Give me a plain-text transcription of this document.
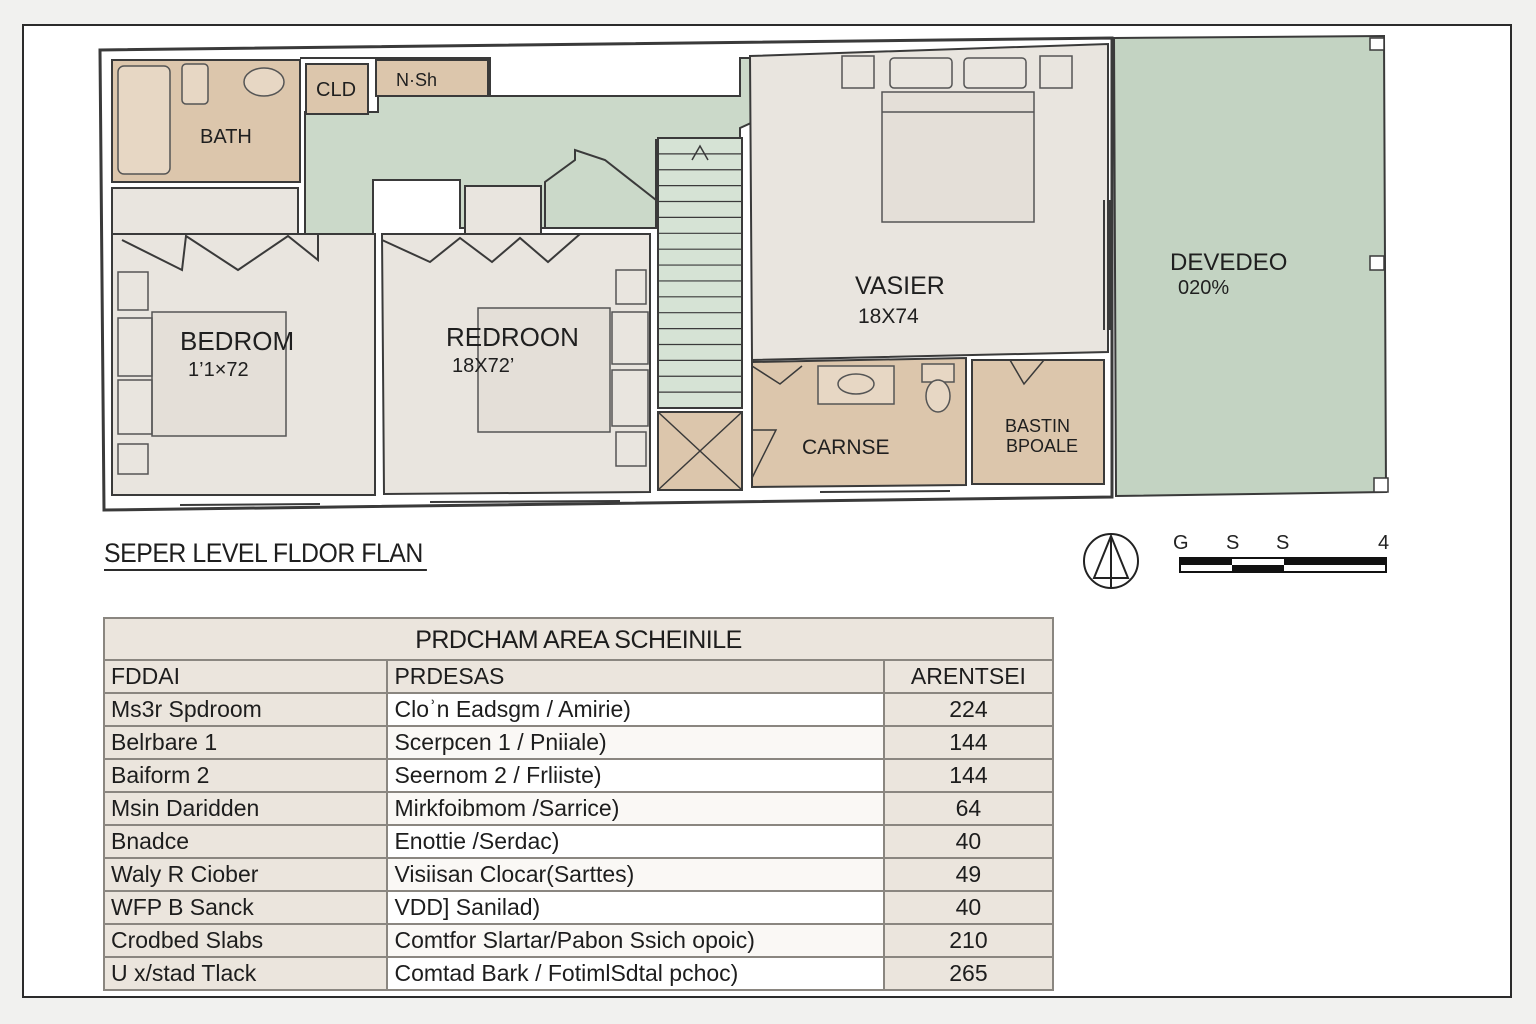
BATH
CLD N·Sh
BEDROM
1’1×72
REDROON
18X72’
VASIER
18X74
CARNSE
BASTIN
BPOALE
DEVEDEO
020%
G S S	4
SEPER LEVEL FLDOR FLAN
PRDCHAM AREA SCHEINILE
FDDAI	PRDESAS	ARENTSEI
Ms3r Spdroom	Cloʾn Eadsgm / Amirie)	224
Belrbare 1	Scerpcen 1 / Pniiale)	144
Baiform 2	Seernom 2 / Frliiste)	144
Msin Daridden	Mirkfoibmom /Sarrice)	64
Bnadce	Enottie /Serdac)	40
Waly R Ciober	Visiisan Clocar(Sarttes)	49
WFP B Sanck	VDD] Sanilad)	40
Crodbed Slabs	Comtfor Slartar/Pabon Ssich opoic)	210
U x/stad Tlack	Comtad Bark / FotimlSdtal pchoc)	265
